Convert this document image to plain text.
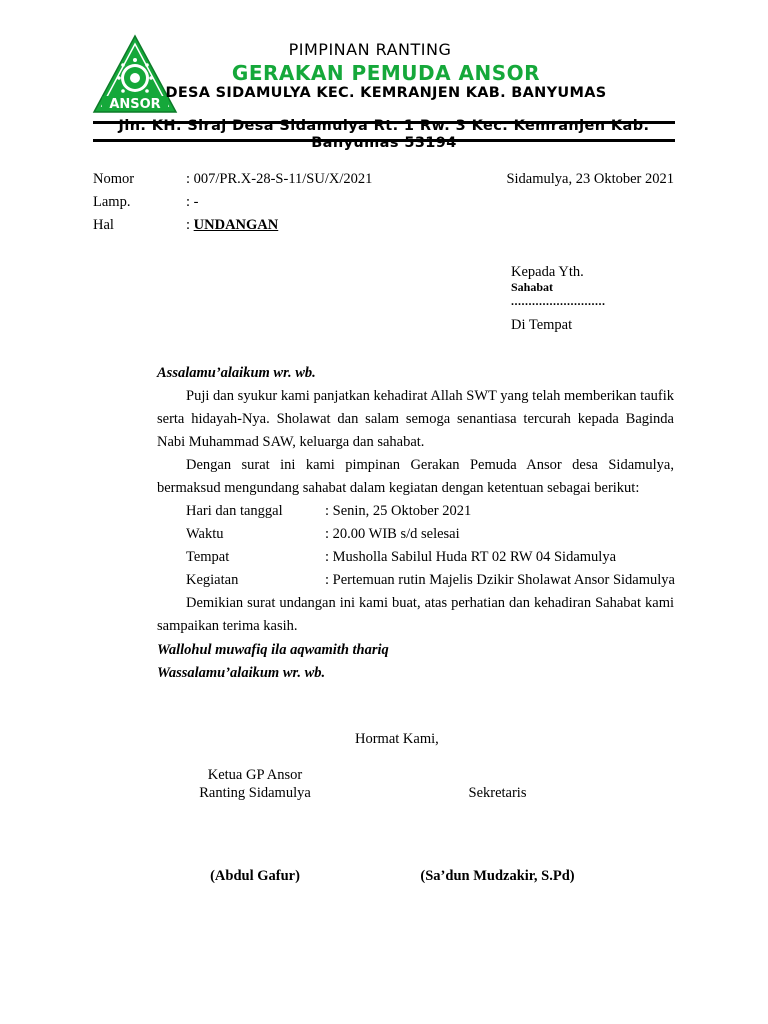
ANSOR
PIMPINAN RANTING
GERAKAN PEMUDA ANSOR
DESA SIDAMULYA KEC. KEMRANJEN KAB. BANYUMAS
Jln. KH. Siraj Desa Sidamulya Rt. 1 Rw. 3 Kec. Kemranjen Kab.
Banyumas 53194
Nomor	: 007/PR.X-28-S-11/SU/X/2021
Lamp.	: -
Hal	: UNDANGAN
Sidamulya, 23 Oktober 2021
Kepada Yth.
Sahabat
...........................
Di Tempat
Assalamu’alaikum wr. wb.
Puji dan syukur kami panjatkan kehadirat Allah SWT yang telah memberikan taufik serta hidayah-Nya. Sholawat dan salam semoga senantiasa tercurah kepada Baginda Nabi Muhammad SAW, keluarga dan sahabat.
Dengan surat ini kami pimpinan Gerakan Pemuda Ansor desa Sidamulya, bermaksud mengundang sahabat dalam kegiatan dengan ketentuan sebagai berikut:
Hari dan tanggal	: Senin, 25 Oktober 2021
Waktu	: 20.00 WIB s/d selesai
Tempat	: Musholla Sabilul Huda RT 02 RW 04 Sidamulya
Kegiatan	: Pertemuan rutin Majelis Dzikir Sholawat Ansor Sidamulya
Demikian surat undangan ini kami buat, atas perhatian dan kehadiran Sahabat kami sampaikan terima kasih.
Wallohul muwafiq ila aqwamith thariq
Wassalamu’alaikum wr. wb.
Hormat Kami,
Ketua GP Ansor
Ranting Sidamulya	Sekretaris
(Abdul Gafur)	(Sa’dun Mudzakir, S.Pd)
